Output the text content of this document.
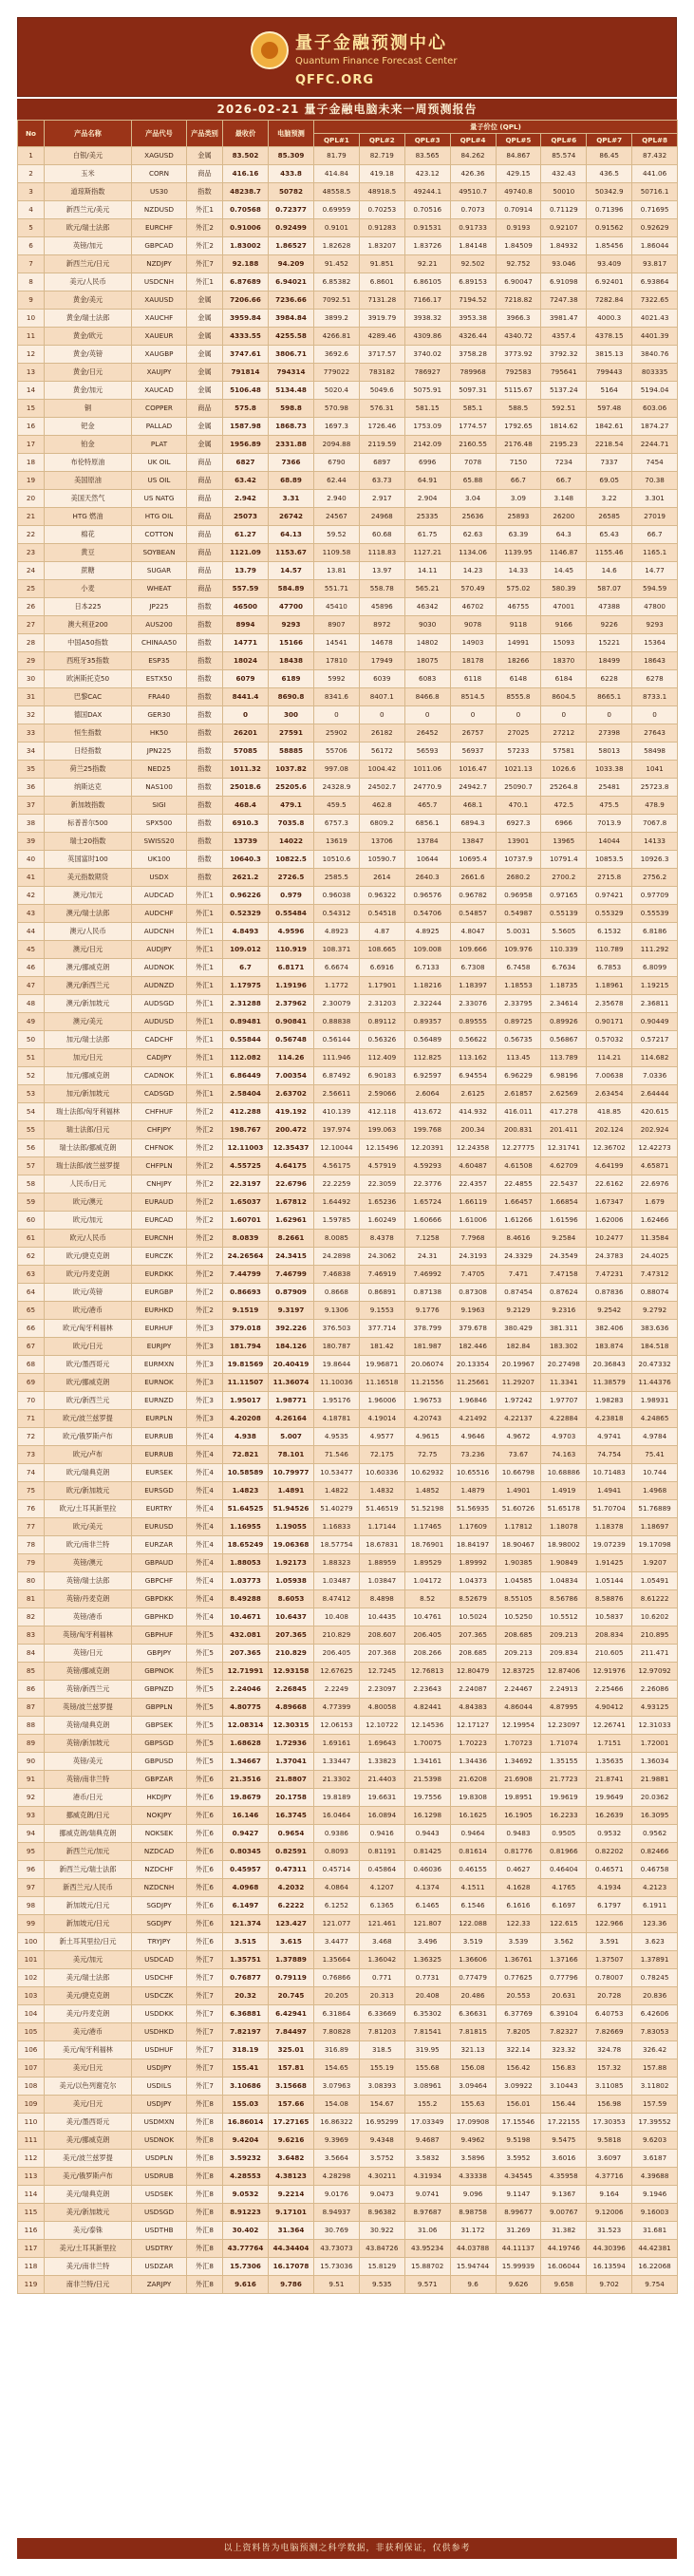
量子金融预测中心
Quantum Finance Forecast Center
QFFC.ORG
2026-02-21 量子金融电脑未来一周预测报告
No	产品名称	产品代号	产品类别	最收价	电脑预测	量子价位 (QPL)								
						QPL#1	QPL#2	QPL#3	QPL#4	QPL#5	QPL#6	QPL#7	QPL#8	
1	白银/美元	XAGUSD	金属	83.502	85.309	81.79	82.719	83.565	84.262	84.867	85.574	86.45	87.432	
2	玉米	CORN	商品	416.16	433.8	414.84	419.18	423.12	426.36	429.15	432.43	436.5	441.06	
3	道琼斯指数	US30	指数	48238.7	50782	48558.5	48918.5	49244.1	49510.7	49740.8	50010	50342.9	50716.1	
4	新西兰元/美元	NZDUSD	外汇1	0.70568	0.72377	0.69959	0.70253	0.70516	0.7073	0.70914	0.71129	0.71396	0.71695	
5	欧元/瑞士法郎	EURCHF	外汇2	0.91006	0.92499	0.9101	0.91283	0.91531	0.91733	0.9193	0.92107	0.91562	0.92629	
6	英镑/加元	GBPCAD	外汇2	1.83002	1.86527	1.82628	1.83207	1.83726	1.84148	1.84509	1.84932	1.85456	1.86044	
7	新西兰元/日元	NZDJPY	外汇7	92.188	94.209	91.452	91.851	92.21	92.502	92.752	93.046	93.409	93.817	
8	美元/人民币	USDCNH	外汇1	6.87689	6.94021	6.85382	6.8601	6.86105	6.89153	6.90047	6.91098	6.92401	6.93864	
9	黄金/美元	XAUUSD	金属	7206.66	7236.66	7092.51	7131.28	7166.17	7194.52	7218.82	7247.38	7282.84	7322.65	
10	黄金/瑞士法郎	XAUCHF	金属	3959.84	3984.84	3899.2	3919.79	3938.32	3953.38	3966.3	3981.47	4000.3	4021.43	
11	黄金/欧元	XAUEUR	金属	4333.55	4255.58	4266.81	4289.46	4309.86	4326.44	4340.72	4357.4	4378.15	4401.39	
12	黄金/英镑	XAUGBP	金属	3747.61	3806.71	3692.6	3717.57	3740.02	3758.28	3773.92	3792.32	3815.13	3840.76	
13	黄金/日元	XAUJPY	金属	791814	794314	779022	783182	786927	789968	792583	795641	799443	803335	
14	黄金/加元	XAUCAD	金属	5106.48	5134.48	5020.4	5049.6	5075.91	5097.31	5115.67	5137.24	5164	5194.04	
15	铜	COPPER	商品	575.8	598.8	570.98	576.31	581.15	585.1	588.5	592.51	597.48	603.06	
16	钯金	PALLAD	金属	1587.98	1868.73	1697.3	1726.46	1753.09	1774.57	1792.65	1814.62	1842.61	1874.27	
17	铂金	PLAT	金属	1956.89	2331.88	2094.88	2119.59	2142.09	2160.55	2176.48	2195.23	2218.54	2244.71	
18	布伦特原油	UK OIL	商品	6827	7366	6790	6897	6996	7078	7150	7234	7337	7454	
19	美国原油	US OIL	商品	63.42	68.89	62.44	63.73	64.91	65.88	66.7	66.7	69.05	70.38	
20	美国天然气	US NATG	商品	2.942	3.31	2.940	2.917	2.904	3.04	3.09	3.148	3.22	3.301	
21	HTG 燃油	HTG OIL	商品	25073	26742	24567	24968	25335	25636	25893	26200	26585	27019	
22	棉花	COTTON	商品	61.27	64.13	59.52	60.68	61.75	62.63	63.39	64.3	65.43	66.7	
23	黄豆	SOYBEAN	商品	1121.09	1153.67	1109.58	1118.83	1127.21	1134.06	1139.95	1146.87	1155.46	1165.1	
24	蔗糖	SUGAR	商品	13.79	14.57	13.81	13.97	14.11	14.23	14.33	14.45	14.6	14.77	
25	小麦	WHEAT	商品	557.59	584.89	551.71	558.78	565.21	570.49	575.02	580.39	587.07	594.59	
26	日本225	JP225	指数	46500	47700	45410	45896	46342	46702	46755	47001	47388	47800	
27	澳大利亚200	AUS200	指数	8994	9293	8907	8972	9030	9078	9118	9166	9226	9293	
28	中国A50指数	CHINAA50	指数	14771	15166	14541	14678	14802	14903	14991	15093	15221	15364	
29	西班牙35指数	ESP35	指数	18024	18438	17810	17949	18075	18178	18266	18370	18499	18643	
30	欧洲斯托克50	ESTX50	指数	6079	6189	5992	6039	6083	6118	6148	6184	6228	6278	
31	巴黎CAC	FRA40	指数	8441.4	8690.8	8341.6	8407.1	8466.8	8514.5	8555.8	8604.5	8665.1	8733.1	
32	德国DAX	GER30	指数	0	300	0	0	0	0	0	0	0	0	
33	恒生指数	HK50	指数	26201	27591	25902	26182	26452	26757	27025	27212	27398	27643	
34	日经指数	JPN225	指数	57085	58885	55706	56172	56593	56937	57233	57581	58013	58498	
35	荷兰25指数	NED25	指数	1011.32	1037.82	997.08	1004.42	1011.06	1016.47	1021.13	1026.6	1033.38	1041	
36	纳斯达克	NAS100	指数	25018.6	25205.6	24328.9	24502.7	24770.9	24942.7	25090.7	25264.8	25481	25723.8	
37	新加坡指数	SIGI	指数	468.4	479.1	459.5	462.8	465.7	468.1	470.1	472.5	475.5	478.9	
38	标普普尔500	SPX500	指数	6910.3	7035.8	6757.3	6809.2	6856.1	6894.3	6927.3	6966	7013.9	7067.8	
39	瑞士20指数	SWISS20	指数	13739	14022	13619	13706	13784	13847	13901	13965	14044	14133	
40	英国富时100	UK100	指数	10640.3	10822.5	10510.6	10590.7	10644	10695.4	10737.9	10791.4	10853.5	10926.3	
41	美元指数期货	USDX	指数	2621.2	2726.5	2585.5	2614	2640.3	2661.6	2680.2	2700.2	2715.8	2756.2	
42	澳元/加元	AUDCAD	外汇1	0.96226	0.979	0.96038	0.96322	0.96576	0.96782	0.96958	0.97165	0.97421	0.97709	
43	澳元/瑞士法郎	AUDCHF	外汇1	0.52329	0.55484	0.54312	0.54518	0.54706	0.54857	0.54987	0.55139	0.55329	0.55539	
44	澳元/人民币	AUDCNH	外汇1	4.8493	4.9596	4.8923	4.87	4.8925	4.8047	5.0031	5.5605	6.1532	6.8186	
45	澳元/日元	AUDJPY	外汇1	109.012	110.919	108.371	108.665	109.008	109.666	109.976	110.339	110.789	111.292	
46	澳元/挪威克朗	AUDNOK	外汇1	6.7	6.8171	6.6674	6.6916	6.7133	6.7308	6.7458	6.7634	6.7853	6.8099	
47	澳元/新西兰元	AUDNZD	外汇1	1.17975	1.19196	1.1772	1.17901	1.18216	1.18397	1.18553	1.18735	1.18961	1.19215	
48	澳元/新加坡元	AUDSGD	外汇1	2.31288	2.37962	2.30079	2.31203	2.32244	2.33076	2.33795	2.34614	2.35678	2.36811	
49	澳元/美元	AUDUSD	外汇1	0.89481	0.90841	0.88838	0.89112	0.89357	0.89555	0.89725	0.89926	0.90171	0.90449	
50	加元/瑞士法郎	CADCHF	外汇1	0.55844	0.56748	0.56144	0.56326	0.56489	0.56622	0.56735	0.56867	0.57032	0.57217	
51	加元/日元	CADJPY	外汇1	112.082	114.26	111.946	112.409	112.825	113.162	113.45	113.789	114.21	114.682	
52	加元/挪威克朗	CADNOK	外汇1	6.86449	7.00354	6.87492	6.90183	6.92597	6.94554	6.96229	6.98196	7.00638	7.0336	
53	加元/新加坡元	CADSGD	外汇1	2.58404	2.63702	2.56611	2.59066	2.6064	2.6125	2.61857	2.62569	2.63454	2.64444	
54	瑞士法郎/匈牙利福林	CHFHUF	外汇2	412.288	419.192	410.139	412.118	413.672	414.932	416.011	417.278	418.85	420.615	
55	瑞士法郎/日元	CHFJPY	外汇2	198.767	200.472	197.974	199.063	199.768	200.34	200.831	201.411	202.124	202.924	
56	瑞士法郎/挪威克朗	CHFNOK	外汇2	12.11003	12.35437	12.10044	12.15496	12.20391	12.24358	12.27775	12.31741	12.36702	12.42273	
57	瑞士法郎/波兰兹罗提	CHFPLN	外汇2	4.55725	4.64175	4.56175	4.57919	4.59293	4.60487	4.61508	4.62709	4.64199	4.65871	
58	人民币/日元	CNHJPY	外汇2	22.3197	22.6796	22.2259	22.3059	22.3776	22.4357	22.4855	22.5437	22.6162	22.6976	
59	欧元/澳元	EURAUD	外汇2	1.65037	1.67812	1.64492	1.65236	1.65724	1.66119	1.66457	1.66854	1.67347	1.679	
60	欧元/加元	EURCAD	外汇2	1.60701	1.62961	1.59785	1.60249	1.60666	1.61006	1.61266	1.61596	1.62006	1.62466	
61	欧元/人民币	EURCNH	外汇2	8.0839	8.2661	8.0085	8.4378	7.1258	7.7968	8.4616	9.2584	10.2477	11.3584	
62	欧元/捷克克朗	EURCZK	外汇2	24.26564	24.3415	24.2898	24.3062	24.31	24.3193	24.3329	24.3549	24.3783	24.4025	
63	欧元/丹麦克朗	EURDKK	外汇2	7.44799	7.46799	7.46838	7.46919	7.46992	7.4705	7.471	7.47158	7.47231	7.47312	
64	欧元/英镑	EURGBP	外汇2	0.86693	0.87909	0.8668	0.86891	0.87138	0.87308	0.87454	0.87624	0.87836	0.88074	
65	欧元/港币	EURHKD	外汇2	9.1519	9.3197	9.1306	9.1553	9.1776	9.1963	9.2129	9.2316	9.2542	9.2792	
66	欧元/匈牙利福林	EURHUF	外汇3	379.018	392.226	376.503	377.714	378.799	379.678	380.429	381.311	382.406	383.636	
67	欧元/日元	EURJPY	外汇3	181.794	184.126	180.787	181.42	181.987	182.446	182.84	183.302	183.874	184.518	
68	欧元/墨西哥元	EURMXN	外汇3	19.81569	20.40419	19.8644	19.96871	20.06074	20.13354	20.19967	20.27498	20.36843	20.47332	
69	欧元/挪威克朗	EURNOK	外汇3	11.11507	11.36074	11.10036	11.16518	11.21556	11.25661	11.29207	11.3341	11.38579	11.44376	
70	欧元/新西兰元	EURNZD	外汇3	1.95017	1.98771	1.95176	1.96006	1.96753	1.96846	1.97242	1.97707	1.98283	1.98931	
71	欧元/波兰兹罗提	EURPLN	外汇3	4.20208	4.26164	4.18781	4.19014	4.20743	4.21492	4.22137	4.22884	4.23818	4.24865	
72	欧元/俄罗斯卢布	EURRUB	外汇4	4.938	5.007	4.9535	4.9577	4.9615	4.9646	4.9672	4.9703	4.9741	4.9784	
73	欧元/卢布	EURRUB	外汇4	72.821	78.101	71.546	72.175	72.75	73.236	73.67	74.163	74.754	75.41	
74	欧元/瑞典克朗	EURSEK	外汇4	10.58589	10.79977	10.53477	10.60336	10.62932	10.65516	10.66798	10.68886	10.71483	10.744	
75	欧元/新加坡元	EURSGD	外汇4	1.4823	1.4891	1.4822	1.4832	1.4852	1.4879	1.4901	1.4919	1.4941	1.4968	
76	欧元/土耳其新里拉	EURTRY	外汇4	51.64525	51.94526	51.40279	51.46519	51.52198	51.56935	51.60726	51.65178	51.70704	51.76889	
77	欧元/美元	EURUSD	外汇4	1.16955	1.19055	1.16833	1.17144	1.17465	1.17609	1.17812	1.18078	1.18378	1.18697	
78	欧元/南非兰特	EURZAR	外汇4	18.65249	19.06368	18.57754	18.67831	18.76901	18.84197	18.90467	18.98002	19.07239	19.17098	
79	英镑/澳元	GBPAUD	外汇4	1.88053	1.92173	1.88323	1.88959	1.89529	1.89992	1.90385	1.90849	1.91425	1.9207	
80	英镑/瑞士法郎	GBPCHF	外汇4	1.03773	1.05938	1.03487	1.03847	1.04172	1.04373	1.04585	1.04834	1.05144	1.05491	
81	英镑/丹麦克朗	GBPDKK	外汇4	8.49288	8.6053	8.47412	8.4898	8.52	8.52679	8.55105	8.56786	8.58876	8.61222	
82	英镑/港币	GBPHKD	外汇4	10.4671	10.6437	10.408	10.4435	10.4761	10.5024	10.5250	10.5512	10.5837	10.6202	
83	英镑/匈牙利福林	GBPHUF	外汇5	432.081	207.365	210.829	208.607	206.405	207.365	208.685	209.213	208.834	210.895	
84	英镑/日元	GBPJPY	外汇5	207.365	210.829	206.405	207.368	208.266	208.685	209.213	209.834	210.605	211.471	
85	英镑/挪威克朗	GBPNOK	外汇5	12.71991	12.93158	12.67625	12.7245	12.76813	12.80479	12.83725	12.87406	12.91976	12.97092	
86	英镑/新西兰元	GBPNZD	外汇5	2.24046	2.26845	2.2249	2.23097	2.23643	2.24087	2.24467	2.24913	2.25466	2.26086	
87	英镑/波兰兹罗提	GBPPLN	外汇5	4.80775	4.89668	4.77399	4.80058	4.82441	4.84383	4.86044	4.87995	4.90412	4.93125	
88	英镑/瑞典克朗	GBPSEK	外汇5	12.08314	12.30315	12.06153	12.10722	12.14536	12.17127	12.19954	12.23097	12.26741	12.31033	
89	英镑/新加坡元	GBPSGD	外汇5	1.68628	1.72936	1.69161	1.69643	1.70075	1.70223	1.70723	1.71074	1.7151	1.72001	
90	英镑/美元	GBPUSD	外汇5	1.34667	1.37041	1.33447	1.33823	1.34161	1.34436	1.34692	1.35155	1.35635	1.36034	
91	英镑/南非兰特	GBPZAR	外汇6	21.3516	21.8807	21.3302	21.4403	21.5398	21.6208	21.6908	21.7723	21.8741	21.9881	
92	港币/日元	HKDJPY	外汇6	19.8679	20.1758	19.8189	19.6631	19.7556	19.8308	19.8951	19.9619	19.9649	20.0362	
93	挪威克朗/日元	NOKJPY	外汇6	16.146	16.3745	16.0464	16.0894	16.1298	16.1625	16.1905	16.2233	16.2639	16.3095	
94	挪威克朗/瑞典克朗	NOKSEK	外汇6	0.9427	0.9654	0.9386	0.9416	0.9443	0.9464	0.9483	0.9505	0.9532	0.9562	
95	新西兰元/加元	NZDCAD	外汇6	0.80345	0.82591	0.8093	0.81191	0.81425	0.81614	0.81776	0.81966	0.82202	0.82466	
96	新西兰元/瑞士法郎	NZDCHF	外汇6	0.45957	0.47311	0.45714	0.45864	0.46036	0.46155	0.4627	0.46404	0.46571	0.46758	
97	新西兰元/人民币	NZDCNH	外汇6	4.0968	4.2032	4.0864	4.1207	4.1374	4.1511	4.1628	4.1765	4.1934	4.2123	
98	新加坡元/日元	SGDJPY	外汇6	6.1497	6.2222	6.1252	6.1365	6.1465	6.1546	6.1616	6.1697	6.1797	6.1911	
99	新加坡元/日元	SGDJPY	外汇6	121.374	123.427	121.077	121.461	121.807	122.088	122.33	122.615	122.966	123.36	
100	新土耳其里拉/日元	TRYJPY	外汇6	3.515	3.615	3.4477	3.468	3.496	3.519	3.539	3.562	3.591	3.623	
101	美元/加元	USDCAD	外汇7	1.35751	1.37889	1.35664	1.36042	1.36325	1.36606	1.36761	1.37166	1.37507	1.37891	
102	美元/瑞士法郎	USDCHF	外汇7	0.76877	0.79119	0.76866	0.771	0.7731	0.77479	0.77625	0.77796	0.78007	0.78245	
103	美元/捷克克朗	USDCZK	外汇7	20.32	20.745	20.205	20.313	20.408	20.486	20.553	20.631	20.728	20.836	
104	美元/丹麦克朗	USDDKK	外汇7	6.36881	6.42941	6.31864	6.33669	6.35302	6.36631	6.37769	6.39104	6.40753	6.42606	
105	美元/港币	USDHKD	外汇7	7.82197	7.84497	7.80828	7.81203	7.81541	7.81815	7.8205	7.82327	7.82669	7.83053	
106	美元/匈牙利福林	USDHUF	外汇7	318.19	325.01	316.89	318.5	319.95	321.13	322.14	323.32	324.78	326.42	
107	美元/日元	USDJPY	外汇7	155.41	157.81	154.65	155.19	155.68	156.08	156.42	156.83	157.32	157.88	
108	美元/以色列谢克尔	USDILS	外汇7	3.10686	3.15668	3.07963	3.08393	3.08961	3.09464	3.09922	3.10443	3.11085	3.11802	
109	美元/日元	USDJPY	外汇8	155.03	157.66	154.08	154.67	155.2	155.63	156.01	156.44	156.98	157.59	
110	美元/墨西哥元	USDMXN	外汇8	16.86014	17.27165	16.86322	16.95299	17.03349	17.09908	17.15546	17.22155	17.30353	17.39552	
111	美元/挪威克朗	USDNOK	外汇8	9.4204	9.6216	9.3969	9.4348	9.4687	9.4962	9.5198	9.5475	9.5818	9.6203	
112	美元/波兰兹罗提	USDPLN	外汇8	3.59232	3.6482	3.5664	3.5752	3.5832	3.5896	3.5952	3.6016	3.6097	3.6187	
113	美元/俄罗斯卢布	USDRUB	外汇8	4.28553	4.38123	4.28298	4.30211	4.31934	4.33338	4.34545	4.35958	4.37716	4.39688	
114	美元/瑞典克朗	USDSEK	外汇8	9.0532	9.2214	9.0176	9.0473	9.0741	9.096	9.1147	9.1367	9.164	9.1946	
115	美元/新加坡元	USDSGD	外汇8	8.91223	9.17101	8.94937	8.96382	8.97687	8.98758	8.99677	9.00767	9.12006	9.16003	
116	美元/泰铢	USDTHB	外汇8	30.402	31.364	30.769	30.922	31.06	31.172	31.269	31.382	31.523	31.681	
117	美元/土耳其新里拉	USDTRY	外汇8	43.77764	44.34404	43.73073	43.84726	43.95234	44.03788	44.11137	44.19746	44.30396	44.42381	
118	美元/南非兰特	USDZAR	外汇8	15.7306	16.17078	15.73036	15.8129	15.88702	15.94744	15.99939	16.06044	16.13594	16.22068	
119	南非兰特/日元	ZARJPY	外汇8	9.616	9.786	9.51	9.535	9.571	9.6	9.626	9.658	9.702	9.754	
以上资料皆为电脑预测之科学数据，非获利保证，仅供参考
